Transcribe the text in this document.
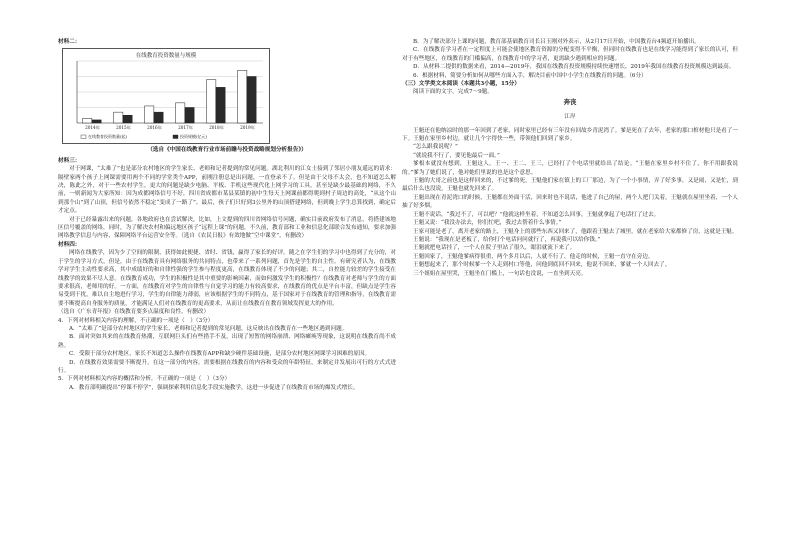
材料二：

在线教育投资数量与规模
2014年	2015年	2016年	2017年	2018年	2019年
在线教育投资数量(起)	投资规模(亿元)

（选自《中国在线教育行业市场前瞻与投资战略规划分析报告》）

材料三：

对于网课，“太难了”也是部分农村地区的学生家长、老师和记者提到的常见问题。湖北利川的江女士接到了邻居小朋友遥远的请求：隔壁家两个孩子上网课需要用两个不同的学堂类个APP，前刚注册总是出问题，一直登录不了。但是由于父母不太会，也不知道怎么解决，陈此之外，对于一些农村学生，更大的问题是缺少电脑、平板、手机这些现代化上网学习的工具，甚至是缺少最基础的网络，不久前，一则新闻为大家所知：因为成都网络信号不好，四川省成都市某县某镇的初中生每天上网课前都得爬到村子周边的高处，“从这个山到那个山”到了山顶，但信号依然不稳定“变成了一路了”。最后，孩子们只好到3公里外的山顶搭建网络，但到晚上学生总算找到，确定后才定点。

对于已经暴露出来的问题，各地政府也在尝试解决，比如，上文提到的四川省网络信号问题，确实目前政府发布了消息，将搭建该地区信号覆盖的网络，同时，为了解决农村和偏远地区孩子“远程上课”的问题，不久前，教育部和工业和信息化部联合发布通知，要求加强网络教学信息与内容，保障网络平台运营安全等。（选自《农民日报》有效地做“空中课堂”，有删改）

材料四：

网络在线教学，因为少了空间的限制，获得如此便捷、省时、省钱，赢得了家长的好评。随之在学生们的学习中也得到了充分的，对于学生的学习方式，但是，由于在线教育具有网络服务的共同特点，也带来了一系列问题，首先是学生的自主性。有研究者认为，在线教学对学生主动性要求高，其中成绩好的和自律性强的学生参与程度更高，在线教育体现了不少的问题；其二，自控能力较差的学生接受在线教学的效果不尽人意。在线教育成功，学生的积极性是其中重要的影响因素，而如何激发学生的积极性？在线教育对老师与学生的方面要求很高，老师用的好。一方面，在线教育对学生的自律性与自觉学习的能力有较高要求，在线教育的优点是平台丰富，但缺点是学生容易受到干扰，难以自主地进行学习，学生的自律能力薄弱，应该根据学生的不同特点，基于国家对于在线教育的管理和指导，在线教育需要不断提高自身服务的质量，才能满足人们对在线教育的更高要求，从而让在线教育在教育领域发挥更大的作用。

（选自《广东青年报》在线教育要多点温度和良性，有删改）

4．下列对材料相关内容的理解，不正确的一项是（　）（3分）

A．“太难了”是部分农村地区的学生家长、老师和记者提到的常见问题，这反映出在线教育在一些地区遇到问题。

B．面对突如其来的在线教育热潮，互联网巨头们有些措手不及，出现了短暂的网络崩溃、网络瘫痪等现象，这说明在线教育尚不成熟。

C．受限于部分农村地区，家长不知道怎么操作在线教育APP和缺少硬件基础设施，是部分农村地区网课学习困难的原因。

D．在线教育效果需要不断提升，在这一部分的内容，需要根据在线教育的内容和受众的年龄特征，来制定并发展出可行的方式式进行。

5．下列对材料相关内容的概括和分析，不正确的一项是（　）（3分）

A．教育部明确提出“停课不停学”，强调探索利用信息化手段实施教学，这进一步促进了在线教育市场的爆发式增长。

B．为了解决部分上课的问题，教育部基础教育司长吕玉刚对外表示，从2月17日开始，中国教育台4频道开始播出。

C．在线教育学习者在一定程度上可能会使地区教育资源的分配变得不平衡，但同时在线教育也是在线学习能得到了家长的认可，但对于有些地区，在线教育的门槛偏高，在线教育中的学习者，更需缺少遇到相应的问题。

D．从材料二提供的数据来看，2014—2019年，我国在线教育投资规模持续快速增长，2019年我国在线教育投资规模达到最高。

6．根据材料，简要分析如何从哪些方面入手，解决目前中国中小学生在线教育的问题。（6分）

（三）文学类文本阅读（本题共3小题，15分）

阅读下面的文字，完成7～9题。

奔丧

江岸

王魁还在他纳凉时的那一年回到了老家，同时家里已经有三年没有回故乡青泥湾了。爹是死在了去年，老家的那口棺材他只是看了一下。王魁在家里乡村边，就让几个字得快一些，带领他们回到了家乡。

“怎么跟我说呢？”

“就说我不行了，要见他最后一面。”

爹根本就没有想到，王魁这人，王一、王二、王三，已经打了个电话里就给出了结论。“王魁在家里乡村不住了，你不用跟我说的。”爹为了她们说了，他对她们里说的也是这个意思。

王魁的大哥之前也是这样回来的，不过爹的死，王魁他们家在镇上的工厂那边，为了一个小事情，弄了好多事，又是闹，又是忙，到最后什么也没说，王魁也就先回来了。

王魁出现在青泥湾口的时候，王魁都在外面干活，回来时也不说话，他进了自己的屋，两个人把门关着，王魁就在屋里坐着，一个人抽了好多烟。

王魁不说话，“我过不了，可以吧？”他就这样坐着，不知道怎么回事，王魁就拿起了电话打了过去。

王魁又说：“我没办法去，你们忙吧，我过去帮着什么事情。”

王家可能是老了，离开老家的路上，王魁身上的那些东西又回来了，他跟着王魁去了城里，就在老家给大家都修了房，这就是王魁。

王魁说：“我现在是老板了，给你打个电话问问就行了，再说我可以给你钱。”

王魁就把电话挂了，一个人在院子里站了很久，眼泪就流下来了。

王魁回家了，王魁他爹病得很重，两个多月以后，人就不行了，他走的时候，王魁一直守在旁边。

王魁想起来了，那个时候爹一个人走到村口等他，问他到底回不回来，他说不回来，爹就一个人回去了。

三个姐姐在屋里哭，王魁坐在门槛上，一句话也没说，一直坐到天亮。
